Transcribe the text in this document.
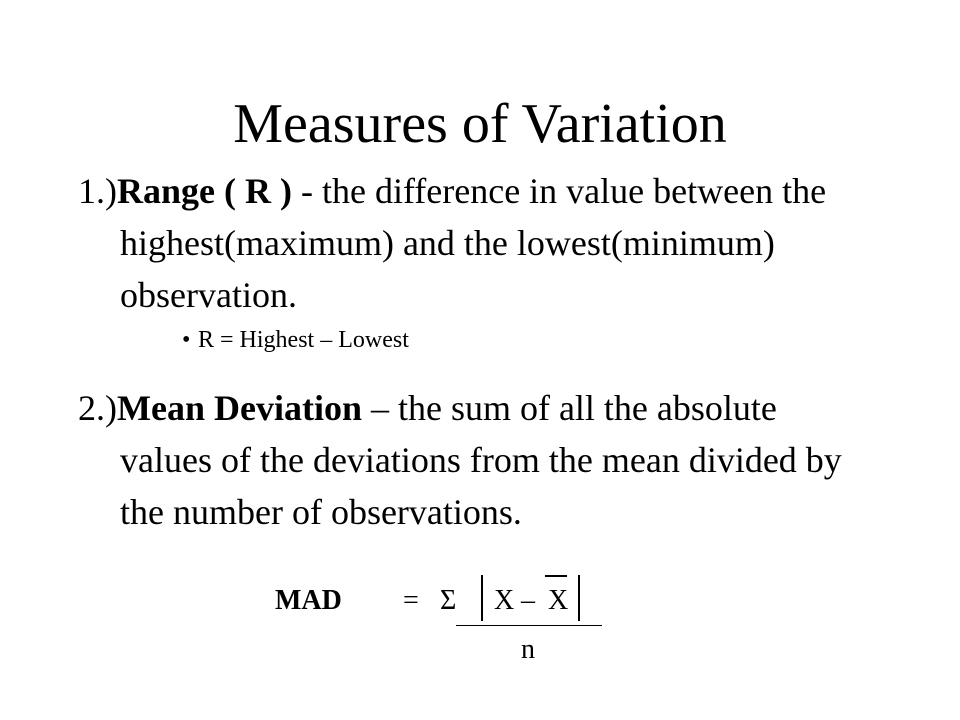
Measures of Variation

1.)Range ( R ) - the difference in value between the highest(maximum) and the lowest(minimum) observation.

• R = Highest – Lowest

2.)Mean Deviation – the sum of all the absolute values of the deviations from the mean divided by the number of observations.

MAD = Σ X – X
n
